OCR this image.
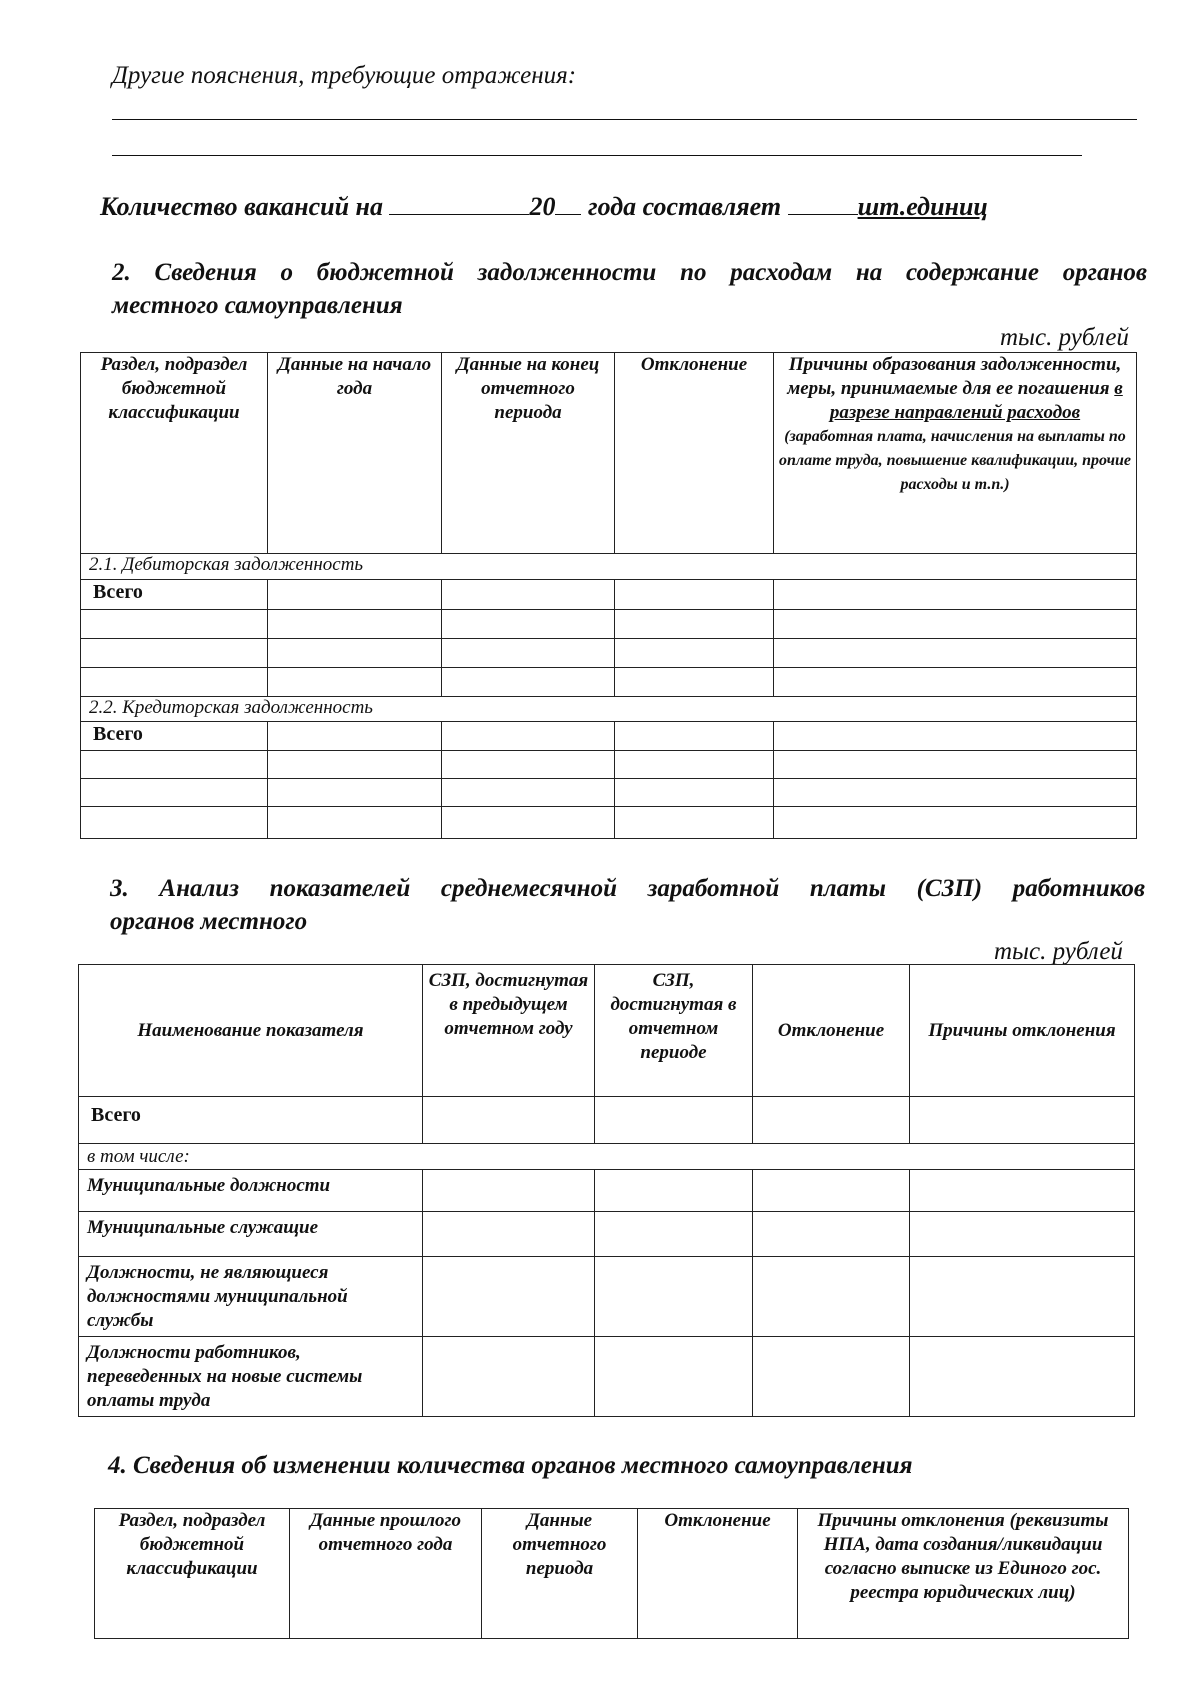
Другие пояснения, требующие отражения:
Количество вакансий на	20 года составляет	шт.единиц
2. Сведения о бюджетной задолженности по расходам на содержание органов
местного самоуправления
тыс. рублей
Раздел, подраздел бюджетной классификации	Данные на начало года	Данные на конец отчетного периода	Отклонение	Причины образования задолженности, меры, принимаемые для ее погашения в разрезе направлений расходов
(заработная плата, начисления на выплаты по оплате труда, повышение квалификации, прочие расходы и т.п.)

2.1. Дебиторская задолженность				
Всего				

2.2. Кредиторская задолженность				
Всего				

3. Анализ показателей среднемесячной заработной платы (СЗП) работников
органов местного
тыс. рублей
Наименование показателя	СЗП, достигнутая в предыдущем отчетном году	СЗП, достигнутая в отчетном периоде	Отклонение	Причины отклонения
Всего				
в том числе:				
Муниципальные должности				
Муниципальные служащие				
Должности, не являющиеся должностями муниципальной службы				
Должности работников, переведенных на новые системы оплаты труда				
4. Сведения об изменении количества органов местного самоуправления
Раздел, подраздел бюджетной классификации	Данные прошлого отчетного года	Данные отчетного периода	Отклонение	Причины отклонения (реквизиты НПА, дата создания/ликвидации согласно выписке из Единого гос. реестра юридических лиц)
